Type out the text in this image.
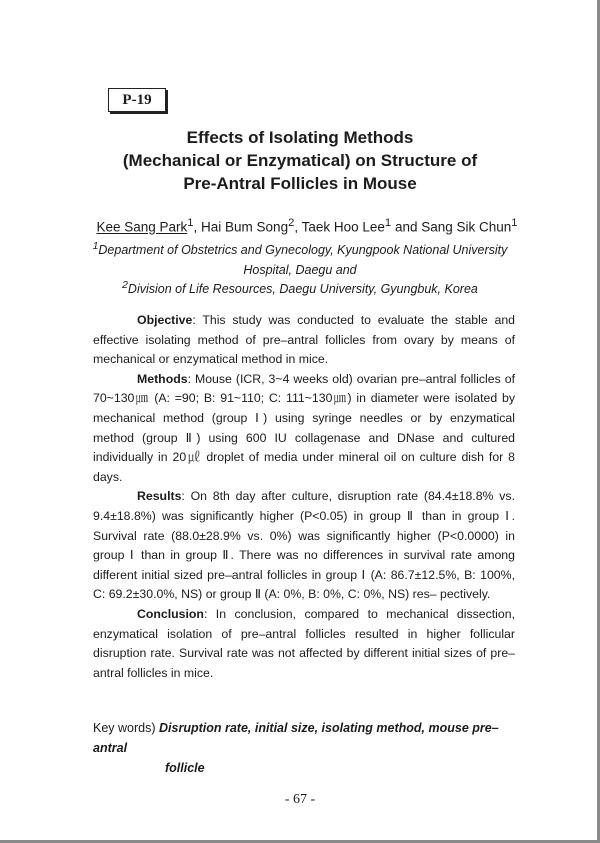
P-19
Effects of Isolating Methods
(Mechanical or Enzymatical) on Structure of
Pre-Antral Follicles in Mouse
Kee Sang Park$^1$, Hai Bum Song$^2$, Taek Hoo Lee$^1$ and Sang Sik Chun$^1$
$^1$Department of Obstetrics and Gynecology, Kyungpook National University
Hospital, Daegu and
$^2$Division of Life Resources, Daegu University, Gyungbuk, Korea

Objective: This study was conducted to evaluate the stable and effective isolating method of pre–antral follicles from ovary by means of mechanical or enzymatical method in mice.

Methods: Mouse (ICR, 3~4 weeks old) ovarian pre–antral follicles of 70~130㎛ (A: =90; B: 91~110; C: 111~130㎛) in diameter were isolated by mechanical method (group Ⅰ) using syringe needles or by enzymatical method (group Ⅱ) using 600 IU collagenase and DNase and cultured individually in 20㎕ droplet of media under mineral oil on culture dish for 8 days.

Results: On 8th day after culture, disruption rate (84.4±18.8% vs. 9.4±18.8%) was significantly higher (P<0.05) in group Ⅱ than in group Ⅰ. Survival rate (88.0±28.9% vs. 0%) was significantly higher (P<0.0000) in group Ⅰ than in group Ⅱ. There was no differences in survival rate among different initial sized pre–antral follicles in group Ⅰ (A: 86.7±12.5%, B: 100%, C: 69.2±30.0%, NS) or group Ⅱ (A: 0%, B: 0%, C: 0%, NS) res– pectively.

Conclusion: In conclusion, compared to mechanical dissection, enzymatical isolation of pre–antral follicles resulted in higher follicular disruption rate. Survival rate was not affected by different initial sizes of pre–antral follicles in mice.

Key words) Disruption rate, initial size, isolating method, mouse pre–antral
follicle
- 67 -
